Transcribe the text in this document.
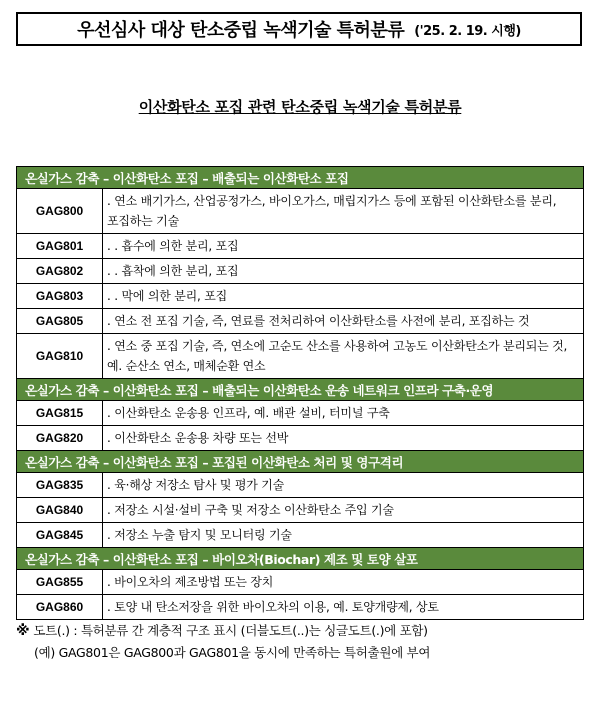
우선심사 대상 탄소중립 녹색기술 특허분류 ('25. 2. 19. 시행)
이산화탄소 포집 관련 탄소중립 녹색기술 특허분류
온실가스 감축 – 이산화탄소 포집 – 배출되는 이산화탄소 포집	
GAG800	. 연소 배기가스, 산업공정가스, 바이오가스, 매립지가스 등에 포함된 이산화탄소를 분리, 포집하는 기술
GAG801	. . 흡수에 의한 분리, 포집
GAG802	. . 흡착에 의한 분리, 포집
GAG803	. . 막에 의한 분리, 포집
GAG805	. 연소 전 포집 기술, 즉, 연료를 전처리하여 이산화탄소를 사전에 분리, 포집하는 것
GAG810	. 연소 중 포집 기술, 즉, 연소에 고순도 산소를 사용하여 고농도 이산화탄소가 분리되는 것, 예. 순산소 연소, 매체순환 연소
온실가스 감축 – 이산화탄소 포집 – 배출되는 이산화탄소 운송 네트워크 인프라 구축·운영	
GAG815	. 이산화탄소 운송용 인프라, 예. 배관 설비, 터미널 구축
GAG820	. 이산화탄소 운송용 차량 또는 선박
온실가스 감축 – 이산화탄소 포집 – 포집된 이산화탄소 처리 및 영구격리	
GAG835	. 육·해상 저장소 탐사 및 평가 기술
GAG840	. 저장소 시설·설비 구축 및 저장소 이산화탄소 주입 기술
GAG845	. 저장소 누출 탐지 및 모니터링 기술
온실가스 감축 – 이산화탄소 포집 – 바이오차(Biochar) 제조 및 토양 살포	
GAG855	. 바이오차의 제조방법 또는 장치
GAG860	. 토양 내 탄소저장을 위한 바이오차의 이용, 예. 토양개량제, 상토
※ 도트(.) : 특허분류 간 계층적 구조 표시 (더블도트(..)는 싱글도트(.)에 포함)
(예) GAG801은 GAG800과 GAG801을 동시에 만족하는 특허출원에 부여
